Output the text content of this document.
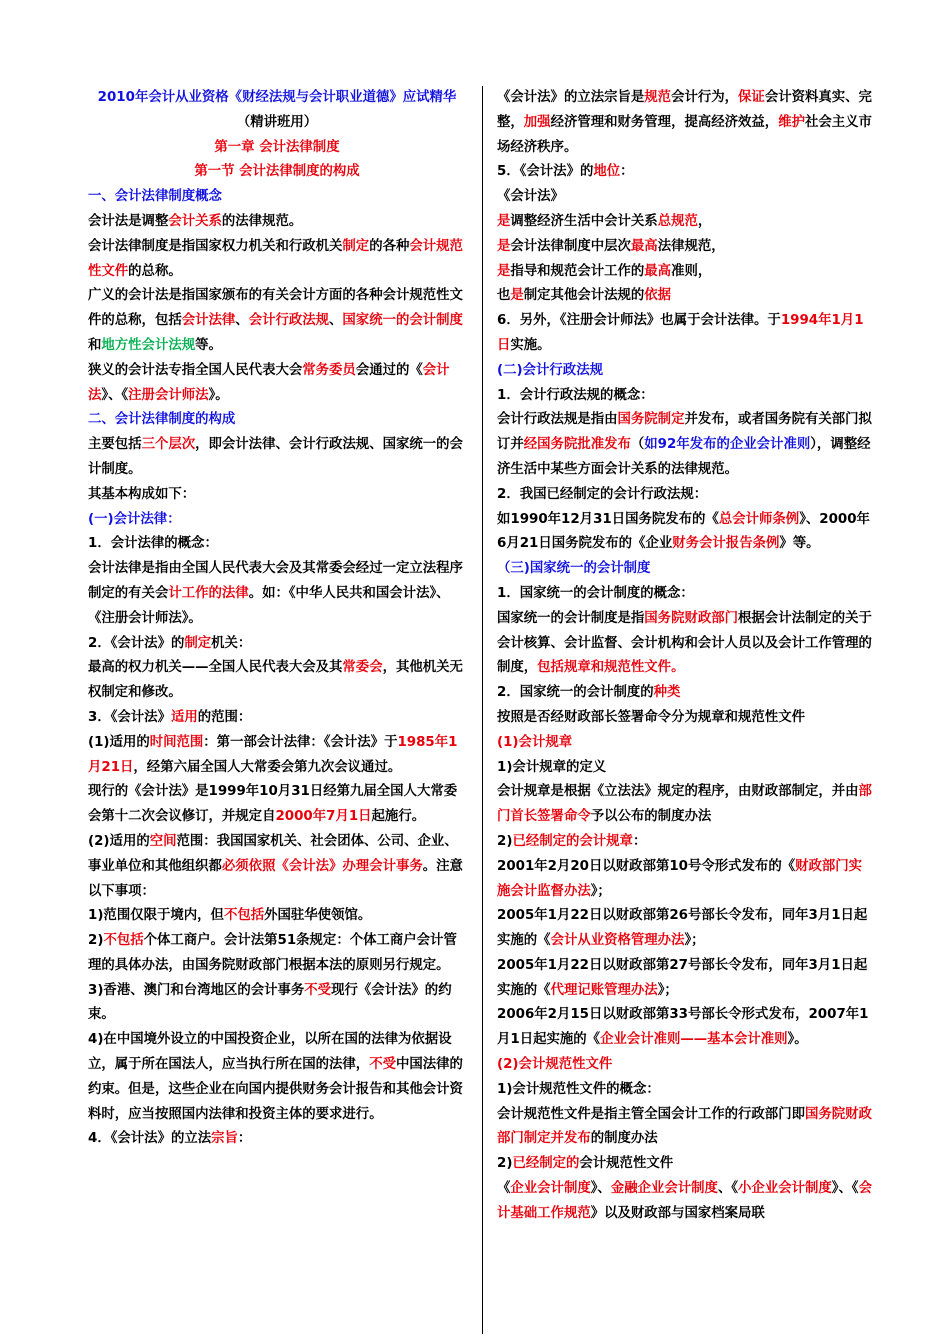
2010年会计从业资格《财经法规与会计职业道德》应试精华

（精讲班用）

第一章 会计法律制度

第一节 会计法律制度的构成

一、会计法律制度概念

会计法是调整会计关系的法律规范。

会计法律制度是指国家权力机关和行政机关制定的各种会计规范性文件的总称。

广义的会计法是指国家颁布的有关会计方面的各种会计规范性文件的总称，包括会计法律、会计行政法规、国家统一的会计制度和地方性会计法规等。

狭义的会计法专指全国人民代表大会常务委员会通过的《会计法》、《注册会计师法》。

二、会计法律制度的构成

主要包括三个层次，即会计法律、会计行政法规、国家统一的会计制度。

其基本构成如下：

(一)会计法律：

1．会计法律的概念：

会计法律是指由全国人民代表大会及其常委会经过一定立法程序制定的有关会计工作的法律。如：《中华人民共和国会计法》、《注册会计师法》。

2．《会计法》的制定机关：

最高的权力机关——全国人民代表大会及其常委会，其他机关无权制定和修改。

3．《会计法》适用的范围：

(1)适用的时间范围：第一部会计法律：《会计法》于1985年1月21日，经第六届全国人大常委会第九次会议通过。

现行的《会计法》是1999年10月31日经第九届全国人大常委会第十二次会议修订，并规定自2000年7月1日起施行。

(2)适用的空间范围：我国国家机关、社会团体、公司、企业、事业单位和其他组织都必须依照《会计法》办理会计事务。注意以下事项：

1)范围仅限于境内，但不包括外国驻华使领馆。

2)不包括个体工商户。会计法第51条规定：个体工商户会计管理的具体办法，由国务院财政部门根据本法的原则另行规定。

3)香港、澳门和台湾地区的会计事务不受现行《会计法》的约束。

4)在中国境外设立的中国投资企业，以所在国的法律为依据设立，属于所在国法人，应当执行所在国的法律，不受中国法律的约束。但是，这些企业在向国内提供财务会计报告和其他会计资料时，应当按照国内法律和投资主体的要求进行。

4．《会计法》的立法宗旨：

《会计法》的立法宗旨是规范会计行为，保证会计资料真实、完整，加强经济管理和财务管理，提高经济效益，维护社会主义市场经济秩序。

5．《会计法》的地位：

《会计法》

是调整经济生活中会计关系总规范，

是会计法律制度中层次最高法律规范，

是指导和规范会计工作的最高准则，

也是制定其他会计法规的依据

6．另外，《注册会计师法》也属于会计法律。于1994年1月1日实施。

(二)会计行政法规

1．会计行政法规的概念：

会计行政法规是指由国务院制定并发布，或者国务院有关部门拟订并经国务院批准发布（如92年发布的企业会计准则），调整经济生活中某些方面会计关系的法律规范。

2．我国已经制定的会计行政法规：

如1990年12月31日国务院发布的《总会计师条例》、2000年6月21日国务院发布的《企业财务会计报告条例》等。

（三)国家统一的会计制度

1．国家统一的会计制度的概念：

国家统一的会计制度是指国务院财政部门根据会计法制定的关于会计核算、会计监督、会计机构和会计人员以及会计工作管理的制度，包括规章和规范性文件。

2．国家统一的会计制度的种类

按照是否经财政部长签署命令分为规章和规范性文件

(1)会计规章

1)会计规章的定义

会计规章是根据《立法法》规定的程序，由财政部制定，并由部门首长签署命令予以公布的制度办法

2)已经制定的会计规章：

2001年2月20日以财政部第10号令形式发布的《财政部门实施会计监督办法》；

2005年1月22日以财政部第26号部长令发布，同年3月1日起实施的《会计从业资格管理办法》；

2005年1月22日以财政部第27号部长令发布，同年3月1日起实施的《代理记账管理办法》；

2006年2月15日以财政部第33号部长令形式发布，2007年1月1日起实施的《企业会计准则——基本会计准则》。

(2)会计规范性文件

1)会计规范性文件的概念：

会计规范性文件是指主管全国会计工作的行政部门即国务院财政部门制定并发布的制度办法

2)已经制定的会计规范性文件

《企业会计制度》、金融企业会计制度、《小企业会计制度》、《会计基础工作规范》以及财政部与国家档案局联
